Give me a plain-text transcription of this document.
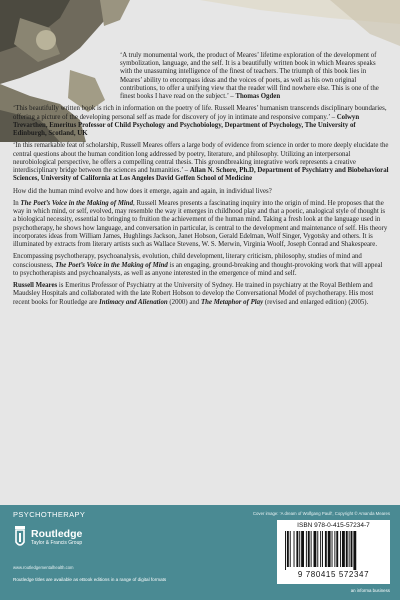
‘A truly monumental work, the product of Meares’ lifetime exploration of the development of symbolization, language, and the self. It is a beautifully written book in which Meares speaks with the unassuming intelligence of the finest of teachers. The triumph of this book lies in Meares’ ability to encompass ideas and the voices of poets, as well as his own original contributions, to offer a unifying view that the reader will find nowhere else. This is one of the finest books I have read on the subject.’ – Thomas Ogden

‘This beautifully written book is rich in information on the poetry of life. Russell Meares’ humanism transcends disciplinary boundaries, offering a picture of the developing personal self as made for discovery of joy in intimate and responsive company.’ – Colwyn Trevarthen, Emeritus Professor of Child Psychology and Psychobiology, Department of Psychology, The University of Edinburgh, Scotland, UK

‘In this remarkable feat of scholarship, Russell Meares offers a large body of evidence from science in order to more deeply elucidate the central questions about the human condition long addressed by poetry, literature, and philosophy. Utilizing an interpersonal neurobiological perspective, he offers a compelling central thesis. This groundbreaking integrative work represents a creative interdisciplinary bridge between the sciences and humanities.’ – Allan N. Schore, Ph.D, Department of Psychiatry and Biobehavioral Sciences, University of California at Los Angeles David Geffen School of Medicine

How did the human mind evolve and how does it emerge, again and again, in individual lives?

In The Poet’s Voice in the Making of Mind, Russell Meares presents a fascinating inquiry into the origin of mind. He proposes that the way in which mind, or self, evolved, may resemble the way it emerges in childhood play and that a poetic, analogical style of thought is a biological necessity, essential to bringing to fruition the achievement of the human mind. Taking a fresh look at the language used in psychotherapy, he shows how language, and conversation in particular, is central to the development and maintenance of self. His theory incorporates ideas from William James, Hughlings Jackson, Janet Hobson, Gerald Edelman, Wolf Singer, Vygotsky and others. It is illuminated by extracts from literary artists such as Wallace Stevens, W. S. Merwin, Virginia Woolf, Joseph Conrad and Shakespeare.

Encompassing psychotherapy, psychoanalysis, evolution, child development, literary criticism, philosophy, studies of mind and consciousness, The Poet’s Voice in the Making of Mind is an engaging, ground-breaking and thought-provoking work that will appeal to psychotherapists and psychoanalysts, as well as anyone interested in the emergence of mind and self.

Russell Meares is Emeritus Professor of Psychiatry at the University of Sydney. He trained in psychiatry at the Royal Bethlem and Maudsley Hospitals and collaborated with the late Robert Hobson to develop the Conversational Model of psychotherapy. His most recent books for Routledge are Intimacy and Alienation (2000) and The Metaphor of Play (revised and enlarged edition) (2005).

PSYCHOTHERAPY	Cover image: ‘A dream of Wolfgang Paull’, Copyright © Amanda Meares
Routledge
Taylor & Francis Group
www.routledgementalhealth.com
Routledge titles are available as eBook editions in a range of digital formats
ISBN 978-0-415-57234-7
9 780415 572347
an informa business
